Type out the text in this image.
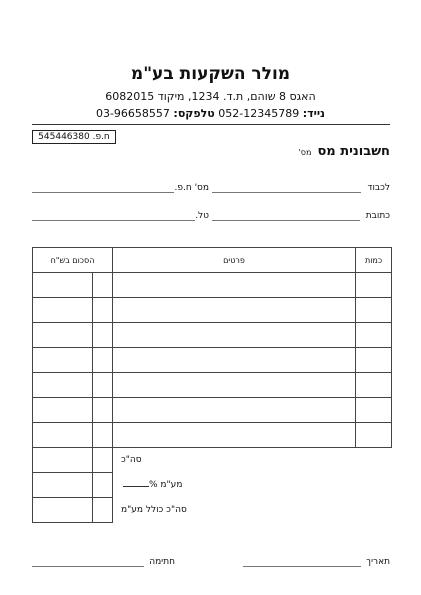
מולר השקעות בע"מ
האגס 8 שוהם, ת.ד. 1234, מיקוד 6082015
נייד: 052-12345789 טלפקס: 03-96658557
ח.פ. 545446380
חשבונית מסמס'
לכבוד
מס' ח.פ.
כתובת
טל.
הסכום בש"ח		פרטים	כמות

		סה"כ	
		מע"מ %	
		סה"כ כולל מע"מ	
תאריך
חתימה
